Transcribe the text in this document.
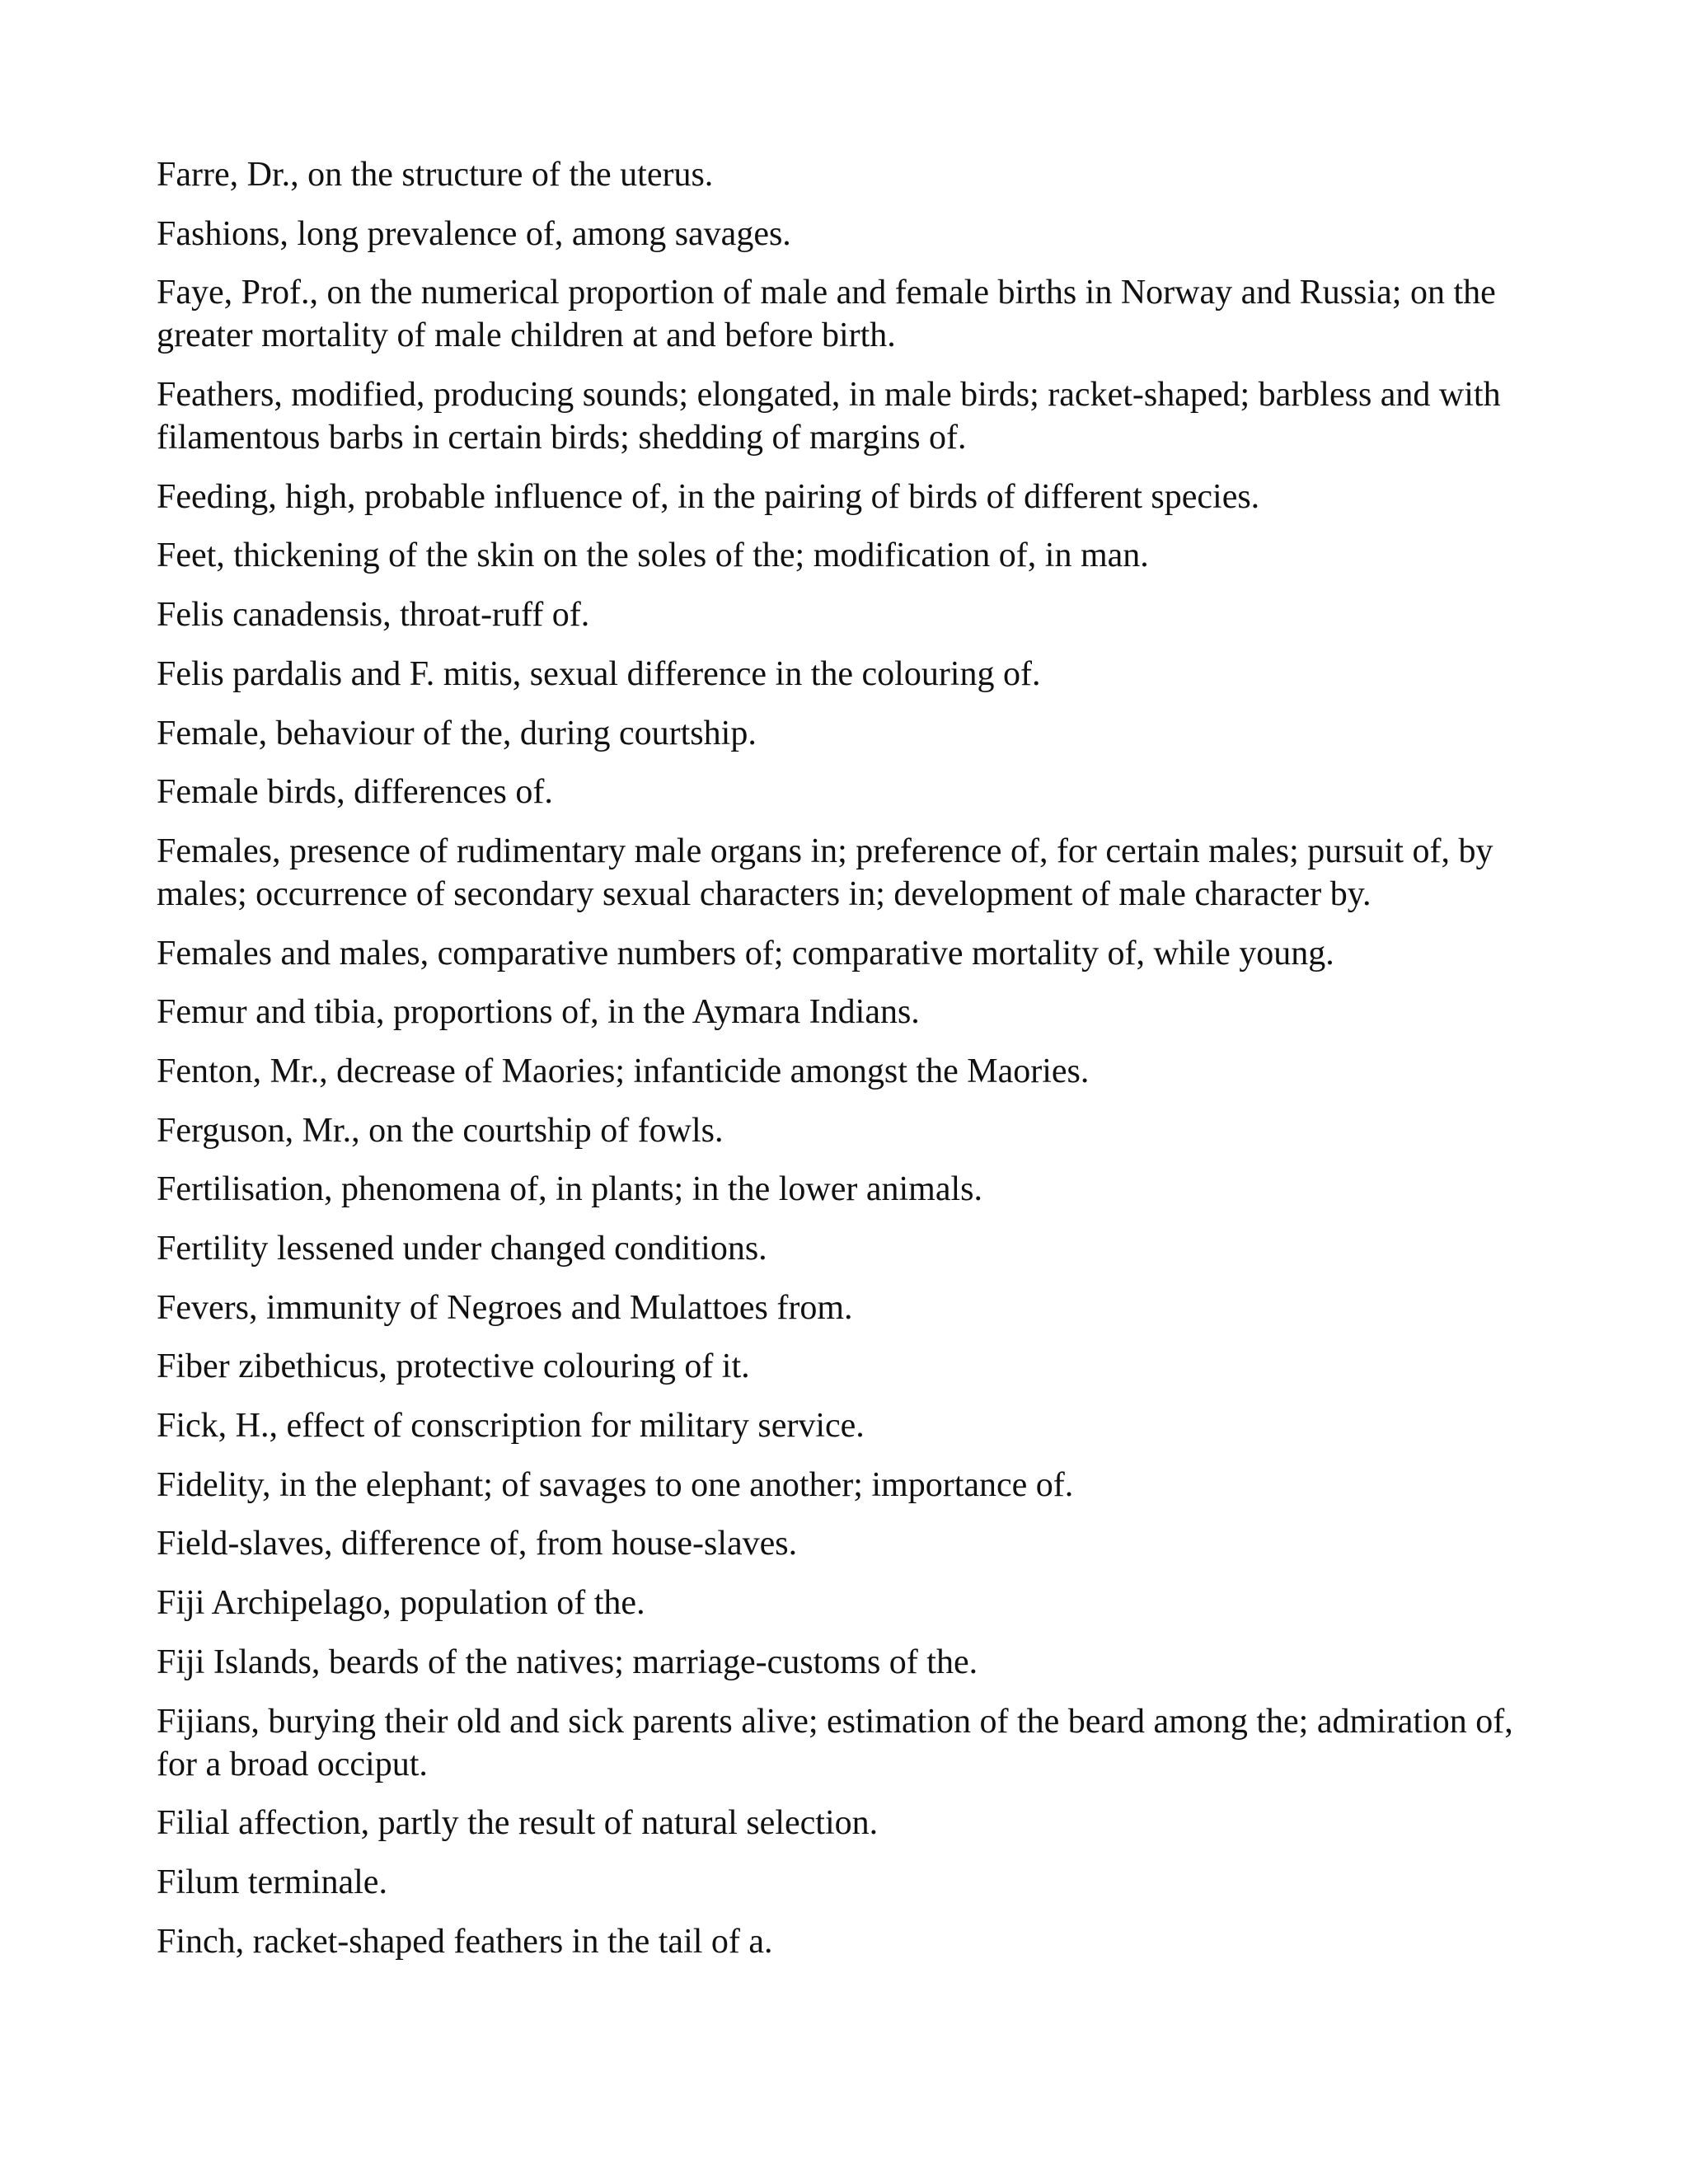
Farre, Dr., on the structure of the uterus.

Fashions, long prevalence of, among savages.

Faye, Prof., on the numerical proportion of male and female births in Norway and Russia; on the greater mortality of male children at and before birth.

Feathers, modified, producing sounds; elongated, in male birds; racket-shaped; barbless and with filamentous barbs in certain birds; shedding of margins of.

Feeding, high, probable influence of, in the pairing of birds of different species.

Feet, thickening of the skin on the soles of the; modification of, in man.

Felis canadensis, throat-ruff of.

Felis pardalis and F. mitis, sexual difference in the colouring of.

Female, behaviour of the, during courtship.

Female birds, differences of.

Females, presence of rudimentary male organs in; preference of, for certain males; pursuit of, by males; occurrence of secondary sexual characters in; development of male character by.

Females and males, comparative numbers of; comparative mortality of, while young.

Femur and tibia, proportions of, in the Aymara Indians.

Fenton, Mr., decrease of Maories; infanticide amongst the Maories.

Ferguson, Mr., on the courtship of fowls.

Fertilisation, phenomena of, in plants; in the lower animals.

Fertility lessened under changed conditions.

Fevers, immunity of Negroes and Mulattoes from.

Fiber zibethicus, protective colouring of it.

Fick, H., effect of conscription for military service.

Fidelity, in the elephant; of savages to one another; importance of.

Field-slaves, difference of, from house-slaves.

Fiji Archipelago, population of the.

Fiji Islands, beards of the natives; marriage-customs of the.

Fijians, burying their old and sick parents alive; estimation of the beard among the; admiration of, for a broad occiput.

Filial affection, partly the result of natural selection.

Filum terminale.

Finch, racket-shaped feathers in the tail of a.
